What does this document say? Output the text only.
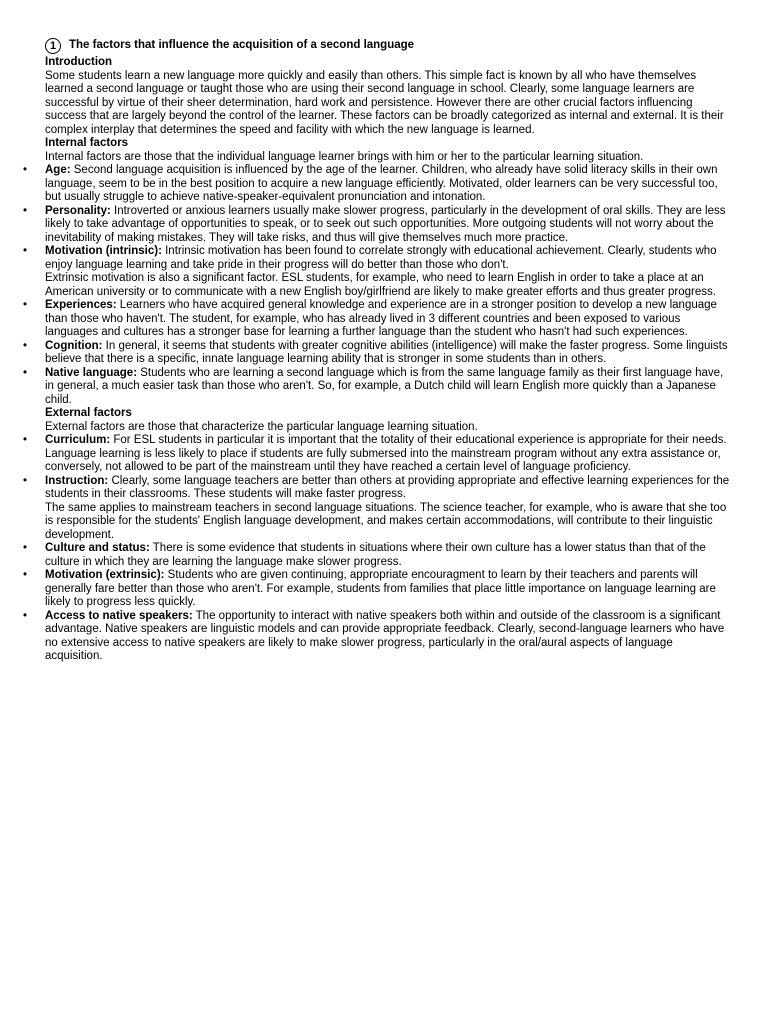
1	The factors that influence the acquisition of a second language

Introduction

Some students learn a new language more quickly and easily than others. This simple fact is known by all who have themselves learned a second language or taught those who are using their second language in school. Clearly, some language learners are successful by virtue of their sheer determination, hard work and persistence. However there are other crucial factors influencing success that are largely beyond the control of the learner. These factors can be broadly categorized as internal and external. It is their complex interplay that determines the speed and facility with which the new language is learned.

Internal factors

Internal factors are those that the individual language learner brings with him or her to the particular learning situation.

• Age: Second language acquisition is influenced by the age of the learner. Children, who already have solid literacy skills in their own language, seem to be in the best position to acquire a new language efficiently. Motivated, older learners can be very successful too, but usually struggle to achieve native-speaker-equivalent pronunciation and intonation.
• Personality: Introverted or anxious learners usually make slower progress, particularly in the development of oral skills. They are less likely to take advantage of opportunities to speak, or to seek out such opportunities. More outgoing students will not worry about the inevitability of making mistakes. They will take risks, and thus will give themselves much more practice.
• Motivation (intrinsic): Intrinsic motivation has been found to correlate strongly with educational achievement. Clearly, students who enjoy language learning and take pride in their progress will do better than those who don't.
Extrinsic motivation is also a significant factor. ESL students, for example, who need to learn English in order to take a place at an American university or to communicate with a new English boy/girlfriend are likely to make greater efforts and thus greater progress.
• Experiences: Learners who have acquired general knowledge and experience are in a stronger position to develop a new language than those who haven't. The student, for example, who has already lived in 3 different countries and been exposed to various languages and cultures has a stronger base for learning a further language than the student who hasn't had such experiences.
• Cognition: In general, it seems that students with greater cognitive abilities (intelligence) will make the faster progress. Some linguists believe that there is a specific, innate language learning ability that is stronger in some students than in others.
• Native language: Students who are learning a second language which is from the same language family as their first language have, in general, a much easier task than those who aren't. So, for example, a Dutch child will learn English more quickly than a Japanese child.

External factors

External factors are those that characterize the particular language learning situation.

• Curriculum: For ESL students in particular it is important that the totality of their educational experience is appropriate for their needs. Language learning is less likely to place if students are fully submersed into the mainstream program without any extra assistance or, conversely, not allowed to be part of the mainstream until they have reached a certain level of language proficiency.
• Instruction: Clearly, some language teachers are better than others at providing appropriate and effective learning experiences for the students in their classrooms. These students will make faster progress.
The same applies to mainstream teachers in second language situations. The science teacher, for example, who is aware that she too is responsible for the students' English language development, and makes certain accommodations, will contribute to their linguistic development.
• Culture and status: There is some evidence that students in situations where their own culture has a lower status than that of the culture in which they are learning the language make slower progress.
• Motivation (extrinsic): Students who are given continuing, appropriate encouragment to learn by their teachers and parents will generally fare better than those who aren't. For example, students from families that place little importance on language learning are likely to progress less quickly.
• Access to native speakers: The opportunity to interact with native speakers both within and outside of the classroom is a significant advantage. Native speakers are linguistic models and can provide appropriate feedback. Clearly, second-language learners who have no extensive access to native speakers are likely to make slower progress, particularly in the oral/aural aspects of language acquisition.
